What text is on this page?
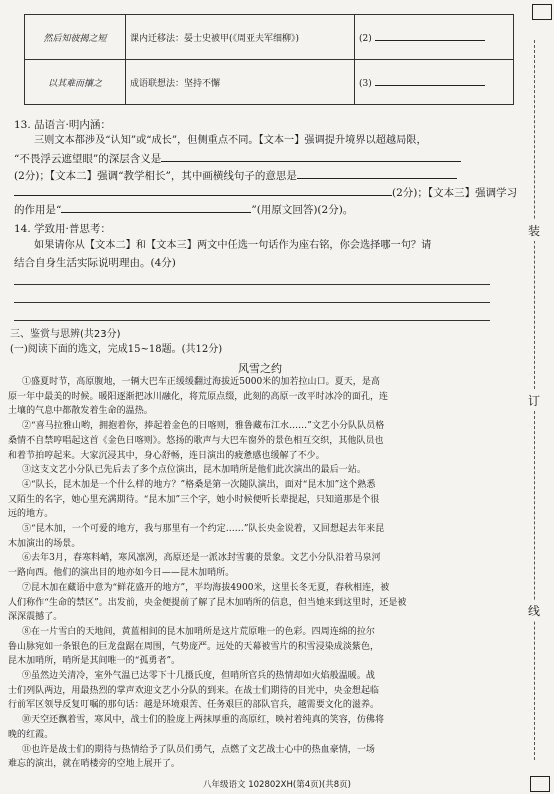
然后知彼揭之短	课内迁移法：晏士史被甲(《周亚夫军细柳》)	(2)
以其难而攘之	成语联想法：坚持不懈	(3)
13. 品语言·明内涵：
三则文本都涉及“认知”或“成长”，但侧重点不同。【文本一】强调提升境界以超越局限，
“不畏浮云遮望眼”的深层含义是
(2分)；【文本二】强调“教学相长”，其中画横线句子的意思是
(2分)；【文本三】强调学习
的作用是“	”(用原文回答)(2分)。
14. 学致用·普思考：
如果请你从【文本二】和【文本三】两文中任选一句话作为座右铭，你会选择哪一句？请
结合自身生活实际说明理由。(4分)
三、鉴赏与思辨(共23分)
(一)阅读下面的选文，完成15~18题。(共12分)
风雪之约
①盛夏时节，高原腹地，一辆大巴车正缓缓翻过海拔近5000米的加若拉山口。夏天，是高
原一年中最美的时候。暖阳逐渐把冰川融化，将荒原点缀，此刻的高原一改平时冰冷的面孔，连
土壤的气息中都散发着生命的温热。
②“喜马拉雅山哟，拥抱着你，捧起着金色的日喀则，雅鲁藏布江水……”文艺小分队队员格
桑情不自禁哼唱起这首《金色日喀则》。悠扬的歌声与大巴车窗外的景色相互交织，其他队员也
和着节拍哼起来。大家沉浸其中，身心舒畅，连日演出的疲惫感也缓解了不少。
③这支文艺小分队已先后去了多个点位演出，昆木加哨所是他们此次演出的最后一站。
④“队长，昆木加是一个什么样的地方？”格桑是第一次随队演出，面对“昆木加”这个熟悉
又陌生的名字，她心里充满期待。“昆木加”三个字，她小时候便听长辈提起，只知道那是个很
远的地方。
⑤“昆木加，一个可爱的地方，我与那里有一个约定……”队长央金说着，又回想起去年来昆
木加演出的场景。
⑥去年3月，春寒料峭，寒风凛冽，高原还是一派冰封雪裹的景象。文艺小分队沿着马泉河
一路向西。他们的演出目的地亦如今日——昆木加哨所。
⑦昆木加在藏语中意为“鲜花盛开的地方”，平均海拔4900米，这里长冬无夏，春秋相连，被
人们称作“生命的禁区”。出发前，央金便提前了解了昆木加哨所的信息，但当她来到这里时，还是被
深深震撼了。
⑧在一片雪白的天地间，黄蓝相间的昆木加哨所是这片荒原唯一的色彩。四周连绵的拉尔
鲁山脉宛如一条银色的巨龙盘踞在周围，气势庞严。远处的天幕被雪片的积雪浸染成淡紫色，
昆木加哨所，哨所是其间唯一的“孤勇者”。
⑨虽然边关清冷，室外气温已达零下十几摄氏度，但哨所官兵的热情却如火焰般温暖。战
士们列队两边，用最热烈的掌声欢迎文艺小分队的到来。在战士们期待的目光中，央金想起临
行前军区领导反复叮嘱的那句话：越是环境艰苦、任务艰巨的部队官兵，越需要文化的滋养。
⑩天空还飘着雪，寒风中，战士们的脸庞上两抹厚重的高原红，映衬着纯真的笑容，仿佛将
晚的红霞。
⑪也许是战士们的期待与热情给予了队员们勇气，点燃了文艺战士心中的热血豪情，一场
难忘的演出，就在哨楼旁的空地上展开了。
装
订
线
八年级语文 102802XH(第4页)(共8页)
